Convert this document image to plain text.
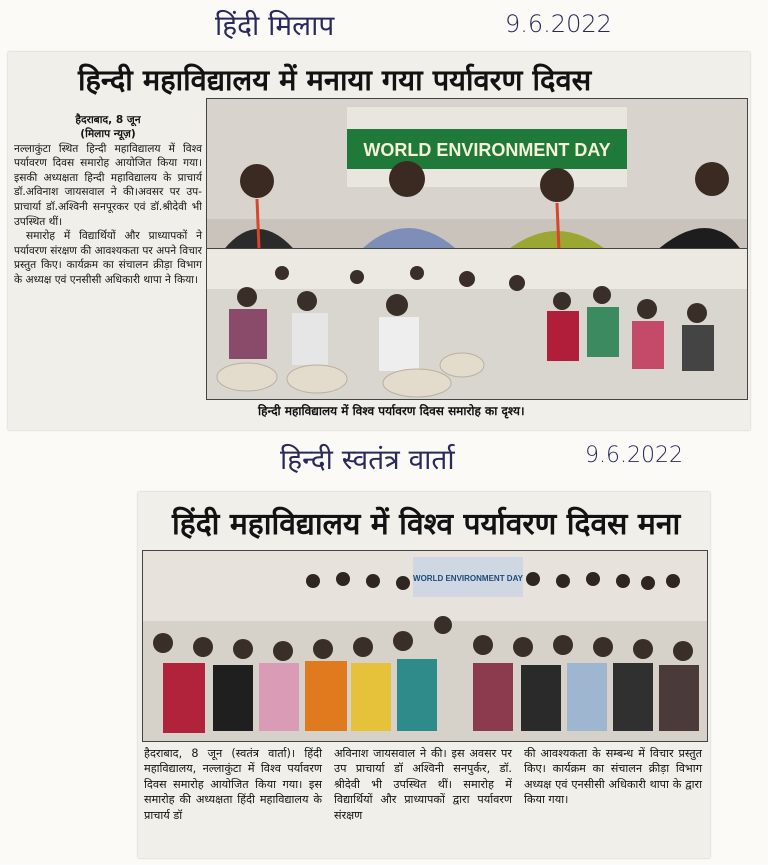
हिंदी मिलाप	9.6.2022
हिन्दी महाविद्यालय में मनाया गया पर्यावरण दिवस
हैदराबाद, 8 जून
(मिलाप न्यूज़)

नल्लाकुंटा स्थित हिन्दी महाविद्यालय में विश्व पर्यावरण दिवस समारोह आयोजित किया गया। इसकी अध्यक्षता हिन्दी महाविद्यालय के प्राचार्य डॉ.अविनाश जायसवाल ने की।अवसर पर उप-प्राचार्या डॉ.अश्विनी सनपूरकर एवं डॉ.श्रीदेवी भी उपस्थित थीं।

समारोह में विद्यार्थियों और प्राध्यापकों ने पर्यावरण संरक्षण की आवश्यकता पर अपने विचार प्रस्तुत किए। कार्यक्रम का संचालन क्रीड़ा विभाग के अध्यक्ष एवं एनसीसी अधिकारी थापा ने किया।

WORLD ENVIRONMENT DAY
हिन्दी महाविद्यालय में विश्व पर्यावरण दिवस समारोह का दृश्य।
हिन्दी स्वतंत्र वार्ता	9.6.2022
हिंदी महाविद्यालय में विश्व पर्यावरण दिवस मना
WORLD ENVIRONMENT DAY
हैदराबाद, 8 जून (स्वतंत्र वार्ता)। हिंदी महाविद्यालय, नल्लाकुंटा में विश्व पर्यावरण दिवस समारोह आयोजित किया गया। इस समारोह की अध्यक्षता हिंदी महाविद्यालय के प्राचार्य डॉ
अविनाश जायसवाल ने की। इस अवसर पर उप प्राचार्या डॉ अश्विनी सनपुर्कर, डॉ. श्रीदेवी भी उपस्थित थीं। समारोह में विद्यार्थियों और प्राध्यापकों द्वारा पर्यावरण संरक्षण
की आवश्यकता के सम्बन्ध में विचार प्रस्तुत किए। कार्यक्रम का संचालन क्रीड़ा विभाग अध्यक्ष एवं एनसीसी अधिकारी थापा के द्वारा किया गया।
